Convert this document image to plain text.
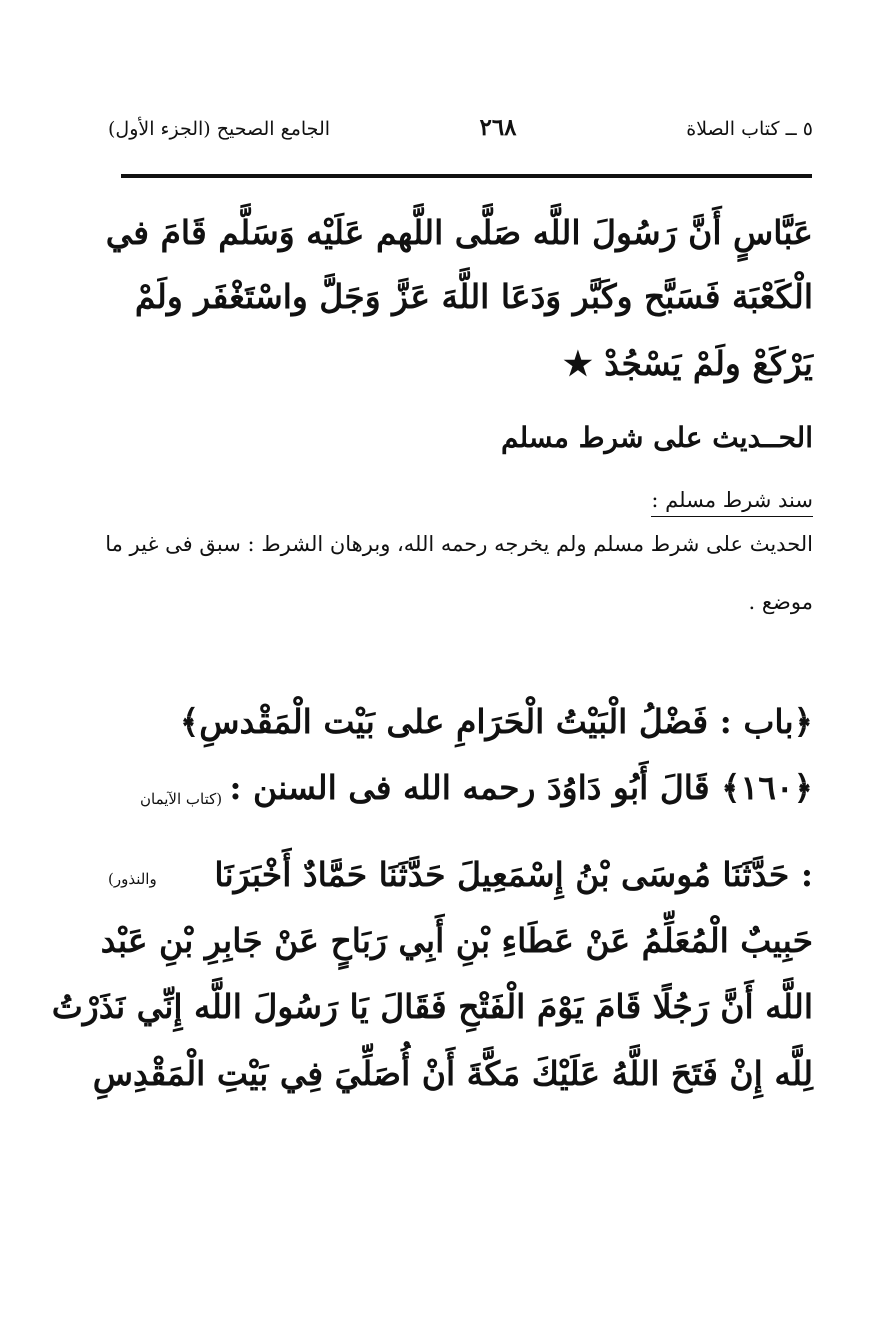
٥ ــ كتاب الصلاة
٢٦٨
الجامع الصحيح (الجزء الأول)
عَبَّاسٍ أَنَّ رَسُولَ اللَّه صَلَّى اللَّهم عَلَيْه وَسَلَّم قَامَ في
الْكَعْبَة فَسَبَّح وكَبَّر وَدَعَا اللَّهَ عَزَّ وَجَلَّ واسْتَغْفَر ولَمْ
يَرْكَعْ ولَمْ يَسْجُدْ ★
الحــديث على شرط مسلم
سند شرط مسلم :
الحديث على شرط مسلم ولم يخرجه رحمه الله، وبرهان الشرط : سبق فى غير ما
موضع .
﴿باب : فَضْلُ الْبَيْتُ الْحَرَامِ على بَيْت الْمَقْدسِ﴾
﴿١٦٠﴾ قَالَ أَبُو دَاوُدَ رحمه الله فى السنن :
(كتاب الآيمان
والنذور)	: حَدَّثَنَا مُوسَى بْنُ إِسْمَعِيلَ حَدَّثَنَا حَمَّادٌ أَخْبَرَنَا
حَبِيبٌ الْمُعَلِّمُ عَنْ عَطَاءِ بْنِ أَبِي رَبَاحٍ عَنْ جَابِرِ بْنِ عَبْد
اللَّه أَنَّ رَجُلًا قَامَ يَوْمَ الْفَتْحِ فَقَالَ يَا رَسُولَ اللَّه إِنِّي نَذَرْتُ
لِلَّه إِنْ فَتَحَ اللَّهُ عَلَيْكَ مَكَّةَ أَنْ أُصَلِّيَ فِي بَيْتِ الْمَقْدِسِ
